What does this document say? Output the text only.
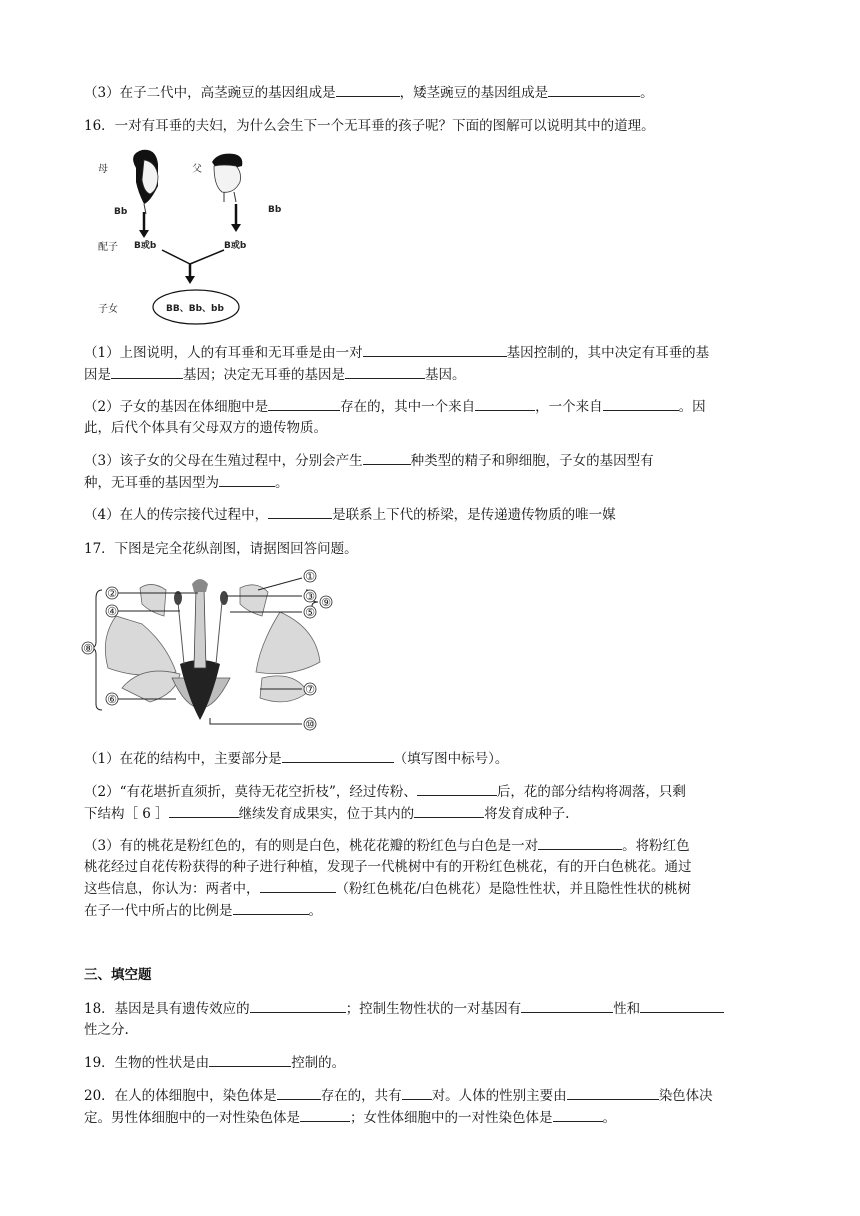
（3）在子二代中，高茎豌豆的基因组成是	，矮茎豌豆的基因组成是	。

16．一对有耳垂的夫妇，为什么会生下一个无耳垂的孩子呢？下面的图解可以说明其中的道理。

母	父
Bb	Bb
配子 B或b	B或b
子女	BB、Bb、bb

（1）上图说明，人的有耳垂和无耳垂是由一对	基因控制的，其中决定有耳垂的基

因是	基因；决定无耳垂的基因是	基因。

（2）子女的基因在体细胞中是	存在的，其中一个来自	，一个来自	。因

此，后代个体具有父母双方的遗传物质。

（3）该子女的父母在生殖过程中，分别会产生	种类型的精子和卵细胞，子女的基因型有

种，无耳垂的基因型为	。

（4）在人的传宗接代过程中，	是联系上下代的桥梁，是传递遗传物质的唯一媒

17．下图是完全花纵剖图，请据图回答问题。

①
②	③
④	⑤
⑥
⑦
⑧
⑨
⑩

（1）在花的结构中，主要部分是	（填写图中标号）。

（2）“有花堪折直须折，莫待无花空折枝”，经过传粉、	后，花的部分结构将凋落，只剩

下结构［ 6 ］	继续发育成果实，位于其内的	将发育成种子.

（3）有的桃花是粉红色的，有的则是白色，桃花花瓣的粉红色与白色是一对	。将粉红色

桃花经过自花传粉获得的种子进行种植，发现子一代桃树中有的开粉红色桃花，有的开白色桃花。通过

这些信息，你认为：两者中，	（粉红色桃花/白色桃花）是隐性性状，并且隐性性状的桃树

在子一代中所占的比例是	。

三、填空题

18．基因是具有遗传效应的	；控制生物性状的一对基因有	性和

性之分.

19．生物的性状是由	控制的。

20．在人的体细胞中，染色体是	存在的，共有 对。人体的性别主要由	染色体决

定。男性体细胞中的一对性染色体是	；女性体细胞中的一对性染色体是	。
